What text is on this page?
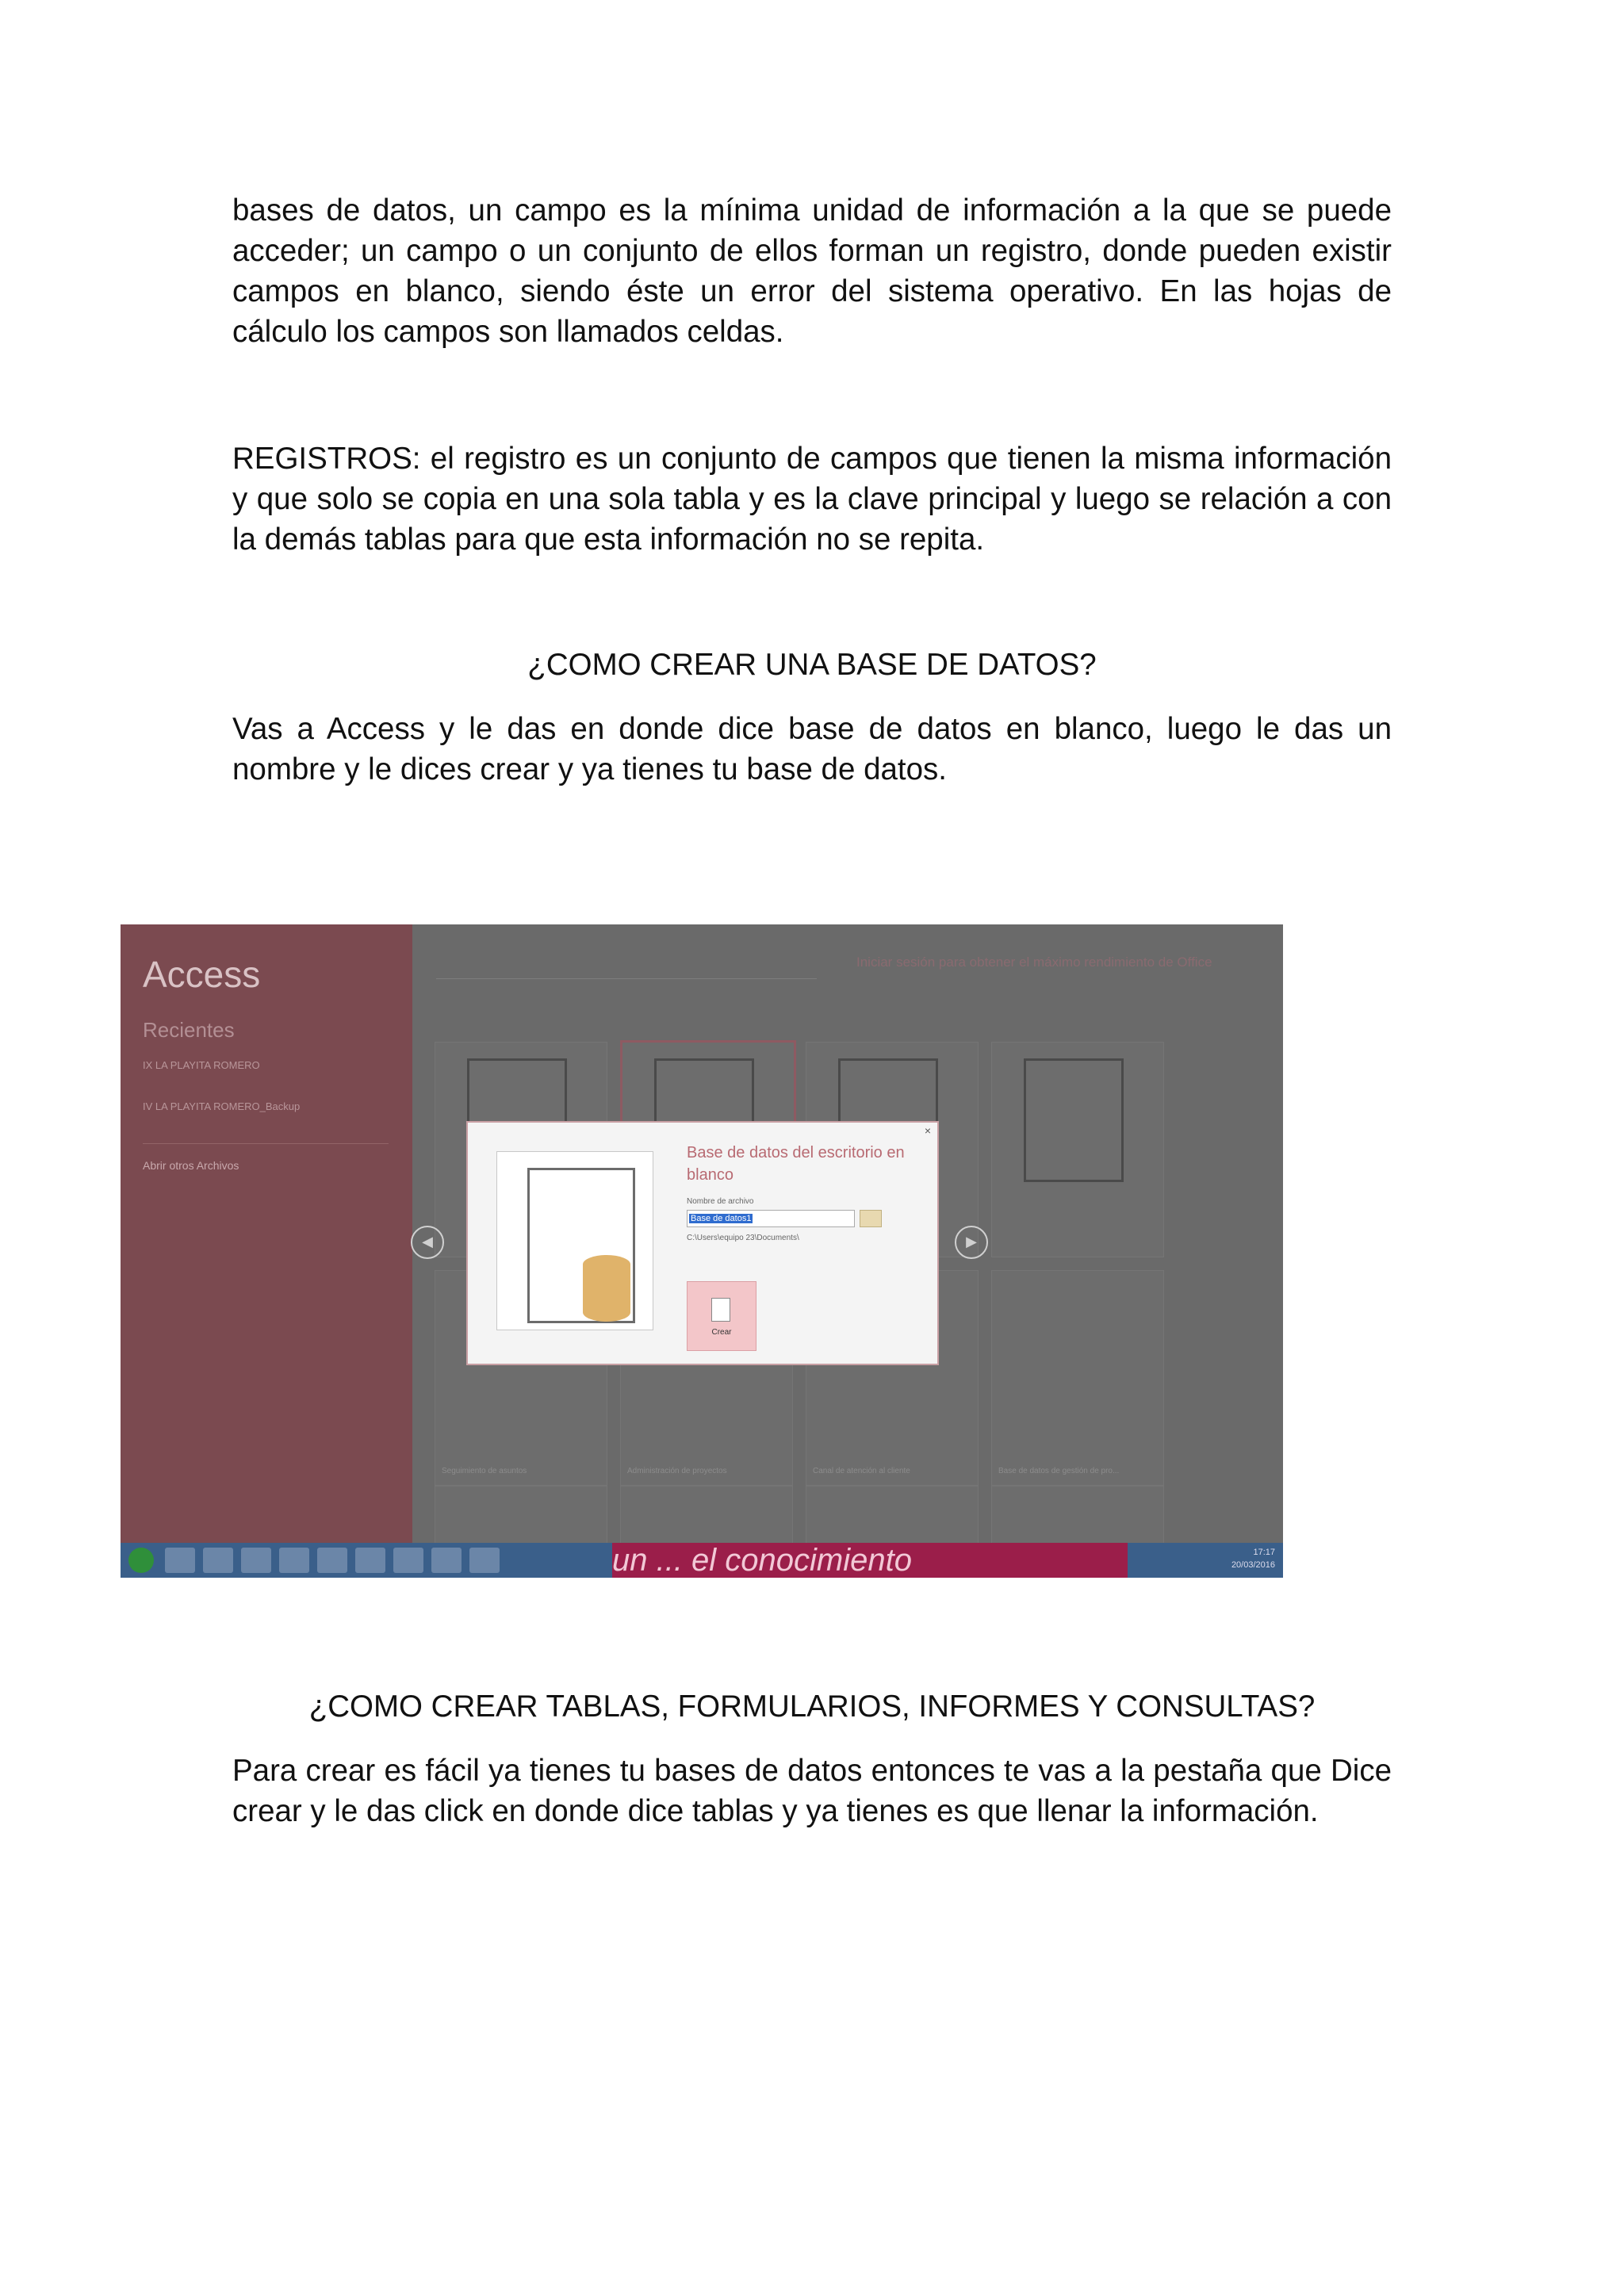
bases de datos, un campo es la mínima unidad de información a la que se puede acceder; un campo o un conjunto de ellos forman un registro, donde pueden existir campos en blanco, siendo éste un error del sistema operativo. En las hojas de cálculo los campos son llamados celdas.

REGISTROS: el registro es un conjunto de campos que tienen la misma información y que solo se copia en una sola tabla y es la clave principal y luego se relación a con la demás tablas para que esta información no se repita.

¿COMO CREAR UNA BASE DE DATOS?

Vas a Access y le das en donde dice base de datos en blanco, luego le das un nombre y le dices crear y ya tienes tu base de datos.

Access
Recientes
IX LA PLAYITA ROMERO
IV LA PLAYITA ROMERO_Backup
Abrir otros Archivos
Iniciar sesión para obtener el máximo rendimiento de Office
Seguimiento de asuntos	Administración de proyectos	Canal de atención al cliente	Base de datos de gestión de pro...
◀	▶
×
Base de datos del escritorio en blanco
Nombre de archivo
Base de datos1
C:\Users\equipo 23\Documents\
Crear
un ... el conocimiento	17:17
20/03/2016

¿COMO CREAR TABLAS, FORMULARIOS, INFORMES Y CONSULTAS?

Para crear es fácil ya tienes tu bases de datos entonces te vas a la pestaña que Dice crear y le das click en donde dice tablas y ya tienes es que llenar la información.
